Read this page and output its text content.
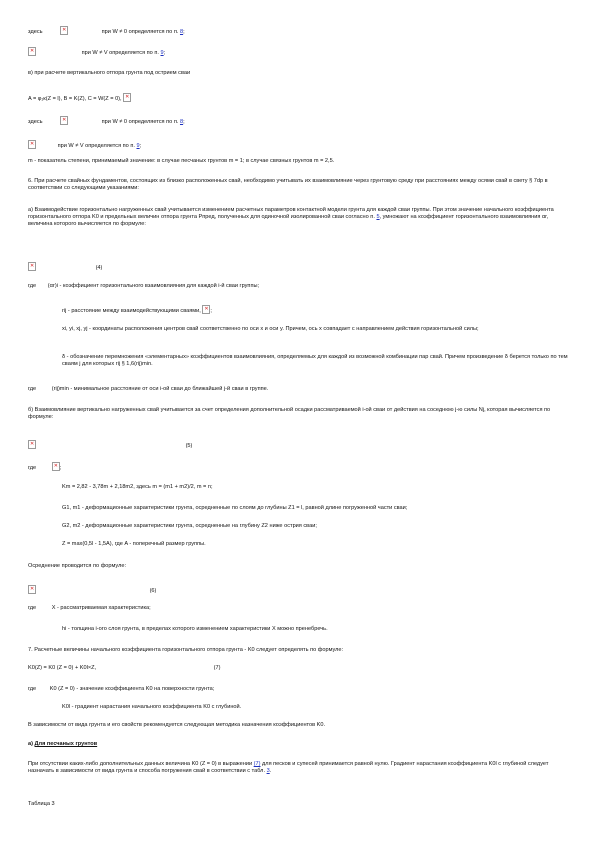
здесь ✕	при W ≠ 0 определяется по п. 8;
✕ при W ≠ V определяется по п. 9;
в) при расчете вертикального отпора грунта под острием сваи
A = φ₁к(Z = l), B = K(Z), C = W(Z = 0), ✕
здесь ✕	при W ≠ 0 определяется по п. 8;
✕ при W ≠ V определяется по п. 9;
m - показатель степени, принимаемый значение: в случае песчаных грунтов m = 1; в случае связных грунтов m = 2,5.
6. При расчете свайных фундаментов, состоящих из близко расположенных свай, необходимо учитывать их взаимовлияние через грунтовую среду при расстояниях между осями свай в свету § 7dр в соответствии со следующими указаниями:
а) Взаимодействие горизонтально нагруженных свай учитывается изменением расчетных параметров контактной модели грунта для каждой сваи группы. При этом значение начального коэффициента горизонтального отпора K0 и предельных величин отпора грунта Pпред, полученных для одиночной изолированной сваи согласно п. 5, умножают на коэффициент горизонтального взаимовлияния αг, величина которого вычисляется по формуле:
✕ (4)
где (αг)i - коэффициент горизонтального взаимовлияния для каждой i-й сваи группы;
rij - расстояние между взаимодействующими сваями, ✕ ;
xi, yi, xj, yj - координаты расположения центров свай соответственно по оси x и оси y. Причем, ось x совпадает с направлением действия горизонтальной силы;
δ - обозначение перемножения «элементарных» коэффициентов взаимовлияния, определяемых для каждой из возможной комбинации пар свай. Причем произведение δ берется только по тем сваям j для которых rij § 1,6(rij)min.
где	(rij)min - минимальное расстояние от оси i-ой сваи до ближайшей j-й сваи в группе.
б) Взаимовлияние вертикально нагруженных свай учитывается за счет определения дополнительной осадки рассматриваемой i-ой сваи от действия на соседнюю j-ю силы Nj, которая вычисляется по формуле:
✕ (5)
где ✕	;
Km = 2,82 - 3,78m + 2,18m2, здесь m = (m1 + m2)/2, m = n;
G1, m1 - деформационные характеристики грунта, осредненные по слоям до глубины Z1 = l, равной длине погруженной части сваи;
G2, m2 - деформационные характеристики грунта, осредненные на глубину Z2 ниже острия сваи;
Z = max(0,5l - 1,5A), где A - поперечный размер группы.
Осреднение проводится по формуле:
✕ (6)
где	X - рассматриваемая характеристика;
hi - толщина i-ого слоя грунта, в пределах которого изменением характеристики X можно пренебречь.
7. Расчетные величины начального коэффициента горизонтального отпора грунта - K0 следует определять по формуле:
K0(Z) = K0 (Z = 0) + K0l×Z,	(7)
где K0 (Z = 0) - значение коэффициента K0 на поверхности грунта;
K0l - градиент нарастания начального коэффициента K0 с глубиной.
В зависимости от вида грунта и его свойств рекомендуется следующая методика назначения коэффициентов K0.
а) Для песчаных грунтов
При отсутствии каких-либо дополнительных данных величина K0 (Z = 0) в выражении (7) для песков и супесей принимается равной нулю. Градиент нарастания коэффициента K0l с глубиной следует назначать в зависимости от вида грунта и способа погружения свай в соответствии с табл. 3.
Таблица 3
